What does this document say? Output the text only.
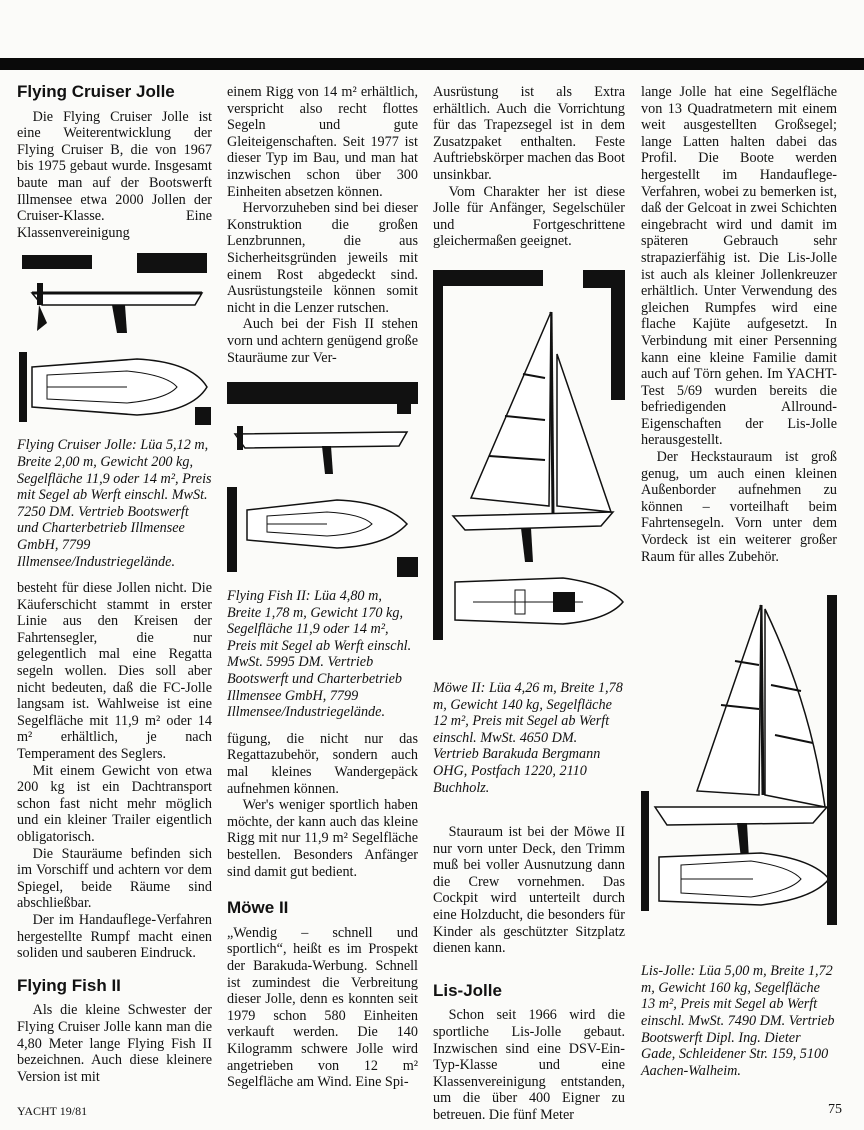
Flying Cruiser Jolle

Die Flying Cruiser Jolle ist eine Weiterentwicklung der Flying Cruiser B, die von 1967 bis 1975 gebaut wurde. Insgesamt baute man auf der Bootswerft Illmensee etwa 2000 Jollen der Cruiser-Klasse. Eine Klassenvereinigung

Flying Cruiser Jolle: Lüa 5,12 m, Breite 2,00 m, Gewicht 200 kg, Segelfläche 11,9 oder 14 m², Preis mit Segel ab Werft einschl. MwSt. 7250 DM. Vertrieb Bootswerft und Charterbetrieb Illmensee GmbH, 7799 Illmensee/Industriegelände.

besteht für diese Jollen nicht. Die Käuferschicht stammt in erster Linie aus den Kreisen der Fahrtensegler, die nur gelegentlich mal eine Regatta segeln wollen. Dies soll aber nicht bedeuten, daß die FC-Jolle langsam ist. Wahlweise ist eine Segelfläche mit 11,9 m² oder 14 m² erhältlich, je nach Temperament des Seglers.

Mit einem Gewicht von etwa 200 kg ist ein Dachtransport schon fast nicht mehr möglich und ein kleiner Trailer eigentlich obligatorisch.

Die Stauräume befinden sich im Vorschiff und achtern vor dem Spiegel, beide Räume sind abschließbar.

Der im Handauflege-Verfahren hergestellte Rumpf macht einen soliden und sauberen Eindruck.

Flying Fish II

Als die kleine Schwester der Flying Cruiser Jolle kann man die 4,80 Meter lange Flying Fish II bezeichnen. Auch diese kleinere Version ist mit

einem Rigg von 14 m² erhältlich, verspricht also recht flottes Segeln und gute Gleiteigenschaften. Seit 1977 ist dieser Typ im Bau, und man hat inzwischen schon über 300 Einheiten absetzen können.

Hervorzuheben sind bei dieser Konstruktion die großen Lenzbrunnen, die aus Sicherheitsgründen jeweils mit einem Rost abgedeckt sind. Ausrüstungsteile können somit nicht in die Lenzer rutschen.

Auch bei der Fish II stehen vorn und achtern genügend große Stauräume zur Ver-

Flying Fish II: Lüa 4,80 m, Breite 1,78 m, Gewicht 170 kg, Segelfläche 11,9 oder 14 m², Preis mit Segel ab Werft einschl. MwSt. 5995 DM. Vertrieb Bootswerft und Charterbetrieb Illmensee GmbH, 7799 Illmensee/Industriegelände.

fügung, die nicht nur das Regattazubehör, sondern auch mal kleines Wandergepäck aufnehmen können.

Wer's weniger sportlich haben möchte, der kann auch das kleine Rigg mit nur 11,9 m² Segelfläche bestellen. Besonders Anfänger sind damit gut bedient.

Möwe II

„Wendig – schnell und sportlich“, heißt es im Prospekt der Barakuda-Werbung. Schnell ist zumindest die Verbreitung dieser Jolle, denn es konnten seit 1979 schon 580 Einheiten verkauft werden. Die 140 Kilogramm schwere Jolle wird angetrieben von 12 m² Segelfläche am Wind. Eine Spi-

Ausrüstung ist als Extra erhältlich. Auch die Vorrichtung für das Trapezsegel ist in dem Zusatzpaket enthalten. Feste Auftriebskörper machen das Boot unsinkbar.

Vom Charakter her ist diese Jolle für Anfänger, Segelschüler und Fortgeschrittene gleichermaßen geeignet.

Möwe II: Lüa 4,26 m, Breite 1,78 m, Gewicht 140 kg, Segelfläche 12 m², Preis mit Segel ab Werft einschl. MwSt. 4650 DM.

Vertrieb Barakuda Bergmann OHG, Postfach 1220, 2110 Buchholz.

Stauraum ist bei der Möwe II nur vorn unter Deck, den Trimm muß bei voller Ausnutzung dann die Crew vornehmen. Das Cockpit wird unterteilt durch eine Holzducht, die besonders für Kinder als geschützter Sitzplatz dienen kann.

Lis-Jolle

Schon seit 1966 wird die sportliche Lis-Jolle gebaut. Inzwischen sind eine DSV-Ein-Typ-Klasse und eine Klassenvereinigung entstanden, um die über 400 Eigner zu betreuen. Die fünf Meter

lange Jolle hat eine Segelfläche von 13 Quadratmetern mit einem weit ausgestellten Großsegel; lange Latten halten dabei das Profil. Die Boote werden hergestellt im Handauflege-Verfahren, wobei zu bemerken ist, daß der Gelcoat in zwei Schichten eingebracht wird und damit im späteren Gebrauch sehr strapazierfähig ist. Die Lis-Jolle ist auch als kleiner Jollenkreuzer erhältlich. Unter Verwendung des gleichen Rumpfes wird eine flache Kajüte aufgesetzt. In Verbindung mit einer Persenning kann eine kleine Familie damit auch auf Törn gehen. Im YACHT-Test 5/69 wurden bereits die befriedigenden Allround-Eigenschaften der Lis-Jolle herausgestellt.

Der Heckstauraum ist groß genug, um auch einen kleinen Außenborder aufnehmen zu können – vorteilhaft beim Fahrtensegeln. Vorn unter dem Vordeck ist ein weiterer großer Raum für alles Zubehör.

Lis-Jolle: Lüa 5,00 m, Breite 1,72 m, Gewicht 160 kg, Segelfläche 13 m², Preis mit Segel ab Werft einschl. MwSt. 7490 DM. Vertrieb Bootswerft Dipl. Ing. Dieter Gade, Schleidener Str. 159, 5100 Aachen-Walheim.

YACHT 19/81	75
